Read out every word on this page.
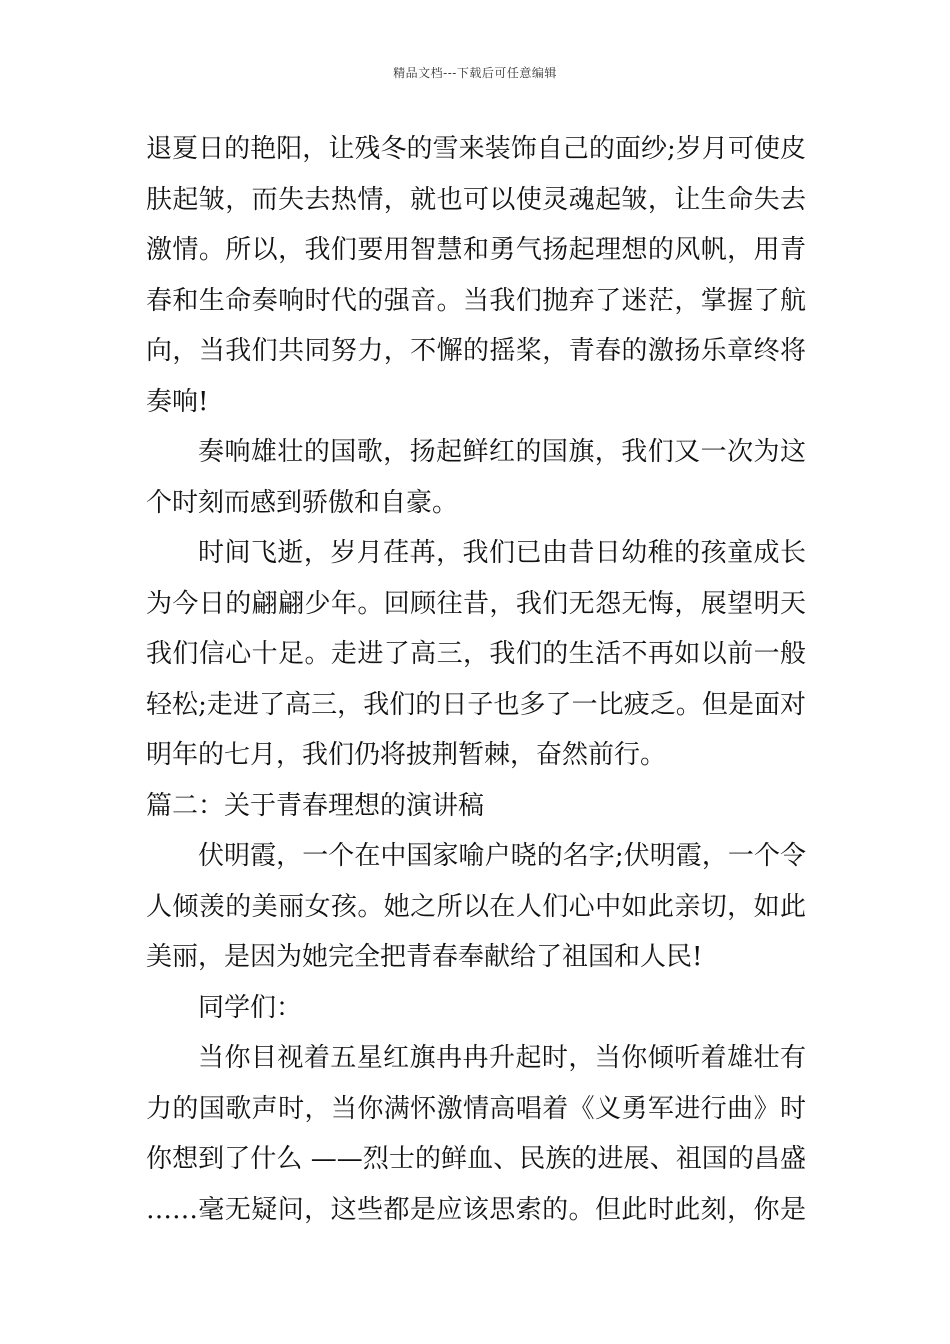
精品文档---下载后可任意编辑
退夏日的艳阳，让残冬的雪来装饰自己的面纱;岁月可使皮
肤起皱，而失去热情，就也可以使灵魂起皱，让生命失去
激情。所以，我们要用智慧和勇气扬起理想的风帆，用青
春和生命奏响时代的强音。当我们抛弃了迷茫，掌握了航
向，当我们共同努力，不懈的摇桨，青春的激扬乐章终将
奏响!
奏响雄壮的国歌，扬起鲜红的国旗，我们又一次为这
个时刻而感到骄傲和自豪。
时间飞逝，岁月荏苒，我们已由昔日幼稚的孩童成长
为今日的翩翩少年。回顾往昔，我们无怨无悔，展望明天
我们信心十足。走进了高三，我们的生活不再如以前一般
轻松;走进了高三，我们的日子也多了一比疲乏。但是面对
明年的七月，我们仍将披荆暂棘，奋然前行。
篇二：关于青春理想的演讲稿
伏明霞，一个在中国家喻户晓的名字;伏明霞，一个令
人倾羡的美丽女孩。她之所以在人们心中如此亲切，如此
美丽，是因为她完全把青春奉献给了祖国和人民!
同学们：
当你目视着五星红旗冉冉升起时，当你倾听着雄壮有
力的国歌声时，当你满怀激情高唱着《义勇军进行曲》时
你想到了什么 ——烈士的鲜血、民族的进展、祖国的昌盛
……毫无疑问，这些都是应该思索的。但此时此刻，你是
